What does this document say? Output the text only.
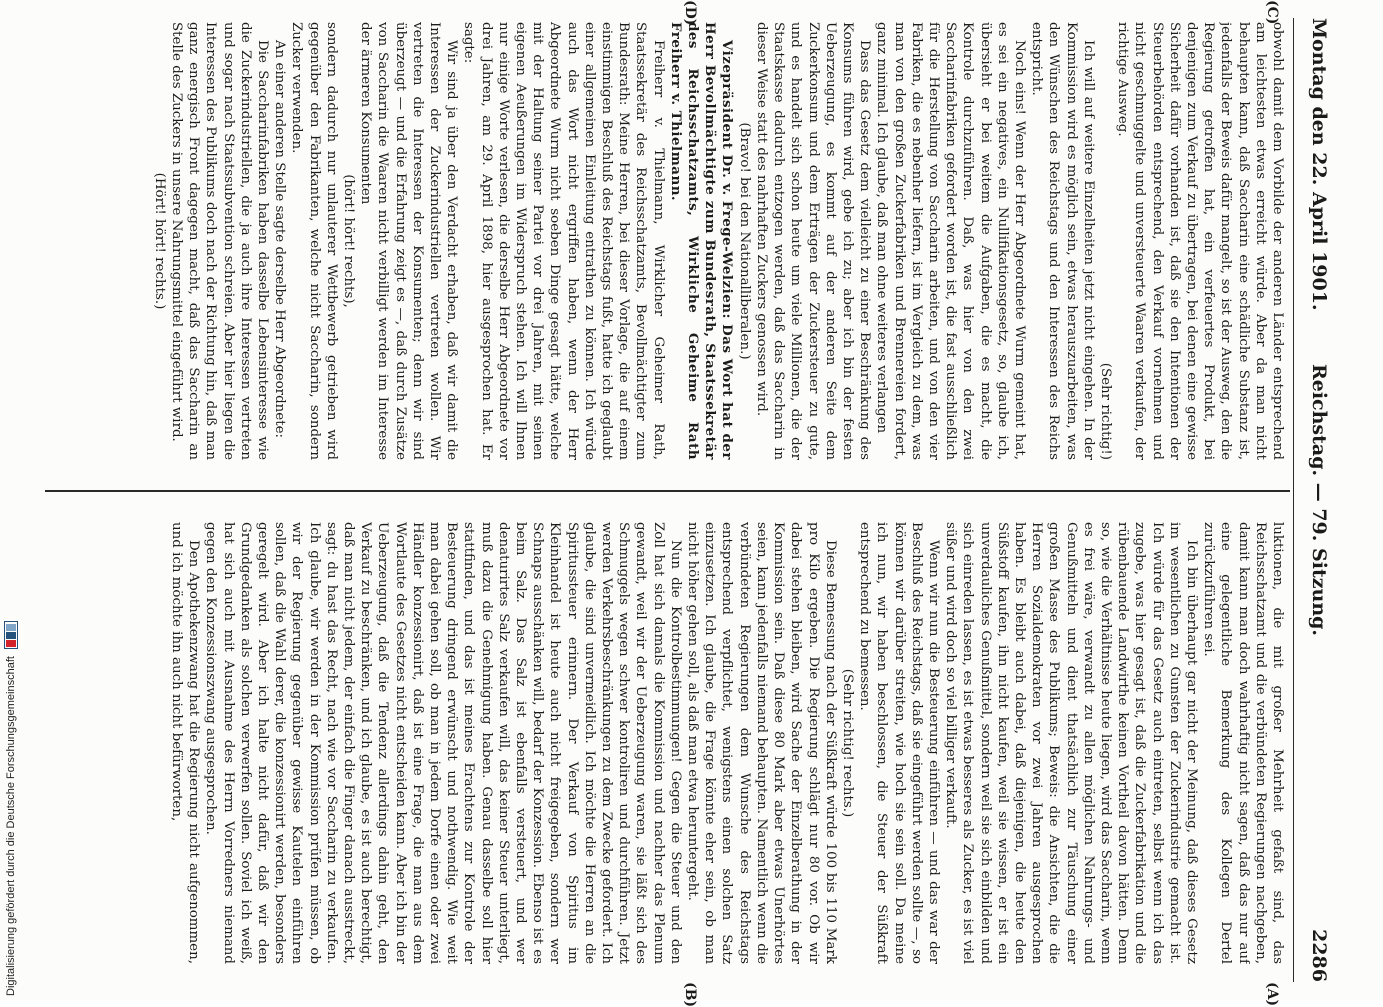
Digitalisierung gefördert durch die Deutsche Forschungsgemeinschaft
Montag den 22. April 1901.
Reichstag. — 79. Sitzung.
2286
(C)
(D)
(A)
(B)

obwohl damit dem Vorbilde der anderen Länder entsprechend am leichtesten etwas erreicht würde. Aber da man nicht behaupten kann, daß Saccharin eine schädliche Substanz ist, jedenfalls der Beweis dafür mangelt, so ist der Ausweg, den die Regierung getroffen hat, ein verfeuertes Produkt, bei denjenigen zum Verkauf zu übertragen, bei denen eine gewisse Sicherheit dafür vorhanden ist, daß sie den Intentionen der Steuerbehörden entsprechend, den Verkauf vornehmen und nicht geschmuggelte und unversteuerte Waaren verkaufen, der richtige Ausweg.

(Sehr richtig!)

Ich will auf weitere Einzelheiten jetzt nicht eingehen. In der Kommission wird es möglich sein, etwas herauszuarbeiten, was den Wünschen des Reichstags und den Interessen des Reichs entspricht.

Noch eins! Wenn der Herr Abgeordnete Wurm gemeint hat, es sei ein negatives, ein Nullifikationsgesetz, so, glaube ich, übersieht er bei weitem die Aufgaben, die es macht, die Kontrole durchzuführen. Daß, was hier von den zwei Saccharinfabriken gefordert worden ist, die fast ausschließlich für die Herstellung von Saccharin arbeiten, und von den vier Fabriken, die es nebenher liefern, ist im Vergleich zu dem, was man von den großen Zuckerfabriken und Brennereien fordert, ganz minimal. Ich glaube, daß man ohne weiteres verlangen

Dass das Gesetz dem vielleicht zu einer Beschränkung des Konsums führen wird, gebe ich zu; aber ich bin der festen Ueberzeugung, es kommt auf der anderen Seite dem Zuckerkonsum und dem Erträgen der Zuckersteuer zu gute, und es handelt sich schon heute um viele Millionen, die der Staatskasse dadurch entzogen werden, daß das Saccharin in dieser Weise statt des nahrhaften Zuckers genossen wird.

(Bravo! bei den Nationalliberalen.)

Vizepräsident Dr. v. Frege-Welzien: Das Wort hat der Herr Bevollmächtigte zum Bundesrath, Staatssekretär des Reichsschatzamts, Wirkliche Geheime Rath Freiherr v. Thielmann.

Freiherr v. Thielmann, Wirklicher Geheimer Rath, Staatssekretär des Reichsschatzamts, Bevollmächtigter zum Bundesrath: Meine Herren, bei dieser Vorlage, die auf einem einstimmigen Beschluß des Reichstags fußt, hatte ich geglaubt einer allgemeinen Einleitung entrathen zu können. Ich würde auch das Wort nicht ergriffen haben, wenn der Herr Abgeordnete Wurm nicht soeben Dinge gesagt hätte, welche mit der Haltung seiner Partei vor drei Jahren, mit seinen eigenen Aeußerungen im Widerspruch stehen. Ich will Ihnen nur einige Worte verlesen, die derselbe Herr Abgeordnete vor drei Jahren, am 29. April 1898, hier ausgesprochen hat. Er sagte:

Wir sind ja über den Verdacht erhaben, daß wir damit die Interessen der Zuckerindustriellen vertreten wollen. Wir vertreten die Interessen der Konsumenten; denn wir sind überzeugt — und die Erfahrung zeigt es —, daß durch Zusätze von Saccharin die Waaren nicht verbilligt werden im Interesse der ärmeren Konsumenten

(hört! hört! rechts),

sondern dadurch nur unlauterer Wettbewerb getrieben wird gegenüber den Fabrikanten, welche nicht Saccharin, sondern Zucker verwenden.

An einer anderen Stelle sagte derselbe Herr Abgeordnete:

Die Saccharinfabriken haben dasselbe Lebensinteresse wie die Zuckerindustriellen, die ja auch ihre Interessen vertreten und sogar nach Staatssubvention schreien. Aber hier liegen die Interessen des Publikums doch nach der Richtung hin, daß man ganz energisch Front dagegen macht, daß das Saccharin an Stelle des Zuckers in unsere Nahrungsmittel eingeführt wird.

(Hört! hört! rechts.)

luktionen, die mit großer Mehrheit gefaßt sind, das Reichsschatzamt und die verbündeten Regierungen nachgeben, damit kann man doch wahrhaftig nicht sagen, daß das nur auf eine gelegentliche Bemerkung des Kollegen Dertel zurückzuführen sei.

Ich bin überhaupt gar nicht der Meinung, daß dieses Gesetz im wesentlichen zu Gunsten der Zuckerindustrie gemacht ist. Ich würde für das Gesetz auch eintreten, selbst wenn ich das zugebe, was hier gesagt ist, daß die Zuckerfabrikation und die rübenbauende Landwirthe keinen Vortheil davon hätten. Denn so, wie die Verhältnisse heute liegen, wird das Saccharin, wenn es frei wäre, verwandt zu allen möglichen Nahrungs- und Genußmitteln und dient thatsächlich zur Täuschung einer großen Masse des Publikums; Beweis: die Ansichten, die die Herren Sozialdemokraten vor zwei Jahren ausgesprochen haben. Es bleibt auch dabei, daß diejenigen, die heute den Süßstoff kaufen, ihn nicht kaufen, weil sie wissen, er ist ein unverdauliches Genußmittel, sondern weil sie sich einbilden und sich einreden lassen, es ist etwas besseres als Zucker, es ist viel süßer und wird doch so viel billiger verkauft.

Wenn wir nun die Besteuerung einführen — und das war der Beschluß des Reichstags, daß sie eingeführt werden sollte —, so können wir darüber streiten, wie hoch sie sein soll. Da meine ich nun, wir haben beschlossen, die Steuer der Süßkraft entsprechend zu bemessen.

(Sehr richtig! rechts.)

Diese Bemessung nach der Süßkraft würde 100 bis 110 Mark pro Kilo ergeben. Die Regierung schlägt nur 80 vor. Ob wir dabei stehen bleiben, wird Sache der Einzelberathung in der Kommission sein. Daß diese 80 Mark aber etwas Unerhörtes seien, kann jedenfalls niemand behaupten. Namentlich wenn die verbündeten Regierungen dem Wunsche des Reichstags entsprechend verpflichtet, wenigstens einen solchen Satz einzusetzen. Ich glaube, die Frage könnte eher sein, ob man nicht höher gehen soll, als daß man etwa heruntergeht.

Nun die Kontrolbestimmungen! Gegen die Steuer und den Zoll hat sich damals die Kommission und nachher das Plenum gewandt, weil wir der Ueberzeugung waren, sie läßt sich des Schmuggels wegen schwer kontroliren und durchführen. Jetzt werden Verkehrsbeschränkungen zu dem Zwecke gefordert. Ich glaube, die sind unvermeidlich. Ich möchte die Herren an die Spiritussteuer erinnern. Der Verkauf von Spiritus im Kleinhandel ist heute auch nicht freigegeben, sondern wer Schnaps ausschänken will, bedarf der Konzession. Ebenso ist es beim Salz. Das Salz ist ebenfalls versteuert, und wer denaturirtes Salz verkaufen will, das keiner Steuer unterliegt, muß dazu die Genehmigung haben. Genau dasselbe soll hier stattfinden, und das ist meines Erachtens zur Kontrole der Besteuerung dringend erwünscht und nothwendig. Wie weit man dabei gehen soll, ob man in jedem Dorfe einen oder zwei Händler konzessionirt, daß ist eine Frage, die man aus dem Wortlaute des Gesetzes nicht entscheiden kann. Aber ich bin der Ueberzeugung, daß die Tendenz allerdings dahin geht, den Verkauf zu beschränken, und ich glaube, es ist auch berechtigt, daß man nicht jedem, der einfach die Finger danach ausstreckt, sagt: du hast das Recht, nach wie vor Saccharin zu verkaufen. Ich glaube, wir werden in der Kommission prüfen müssen, ob wir der Regierung gegenüber gewisse Kautelen einführen sollen, daß die Wahl derer, die konzessionirt werden, besonders geregelt wird. Aber ich halte nicht dafür, daß wir den Grundgedanken als solchen verwerfen sollen. Soviel ich weiß, hat sich auch mit Ausnahme des Herrn Vorredners niemand gegen den Konzessionszwang ausgesprochen.

Den Apothekenzwang hat die Regierung nicht aufgenommen, und ich möchte ihn auch nicht befürworten,
